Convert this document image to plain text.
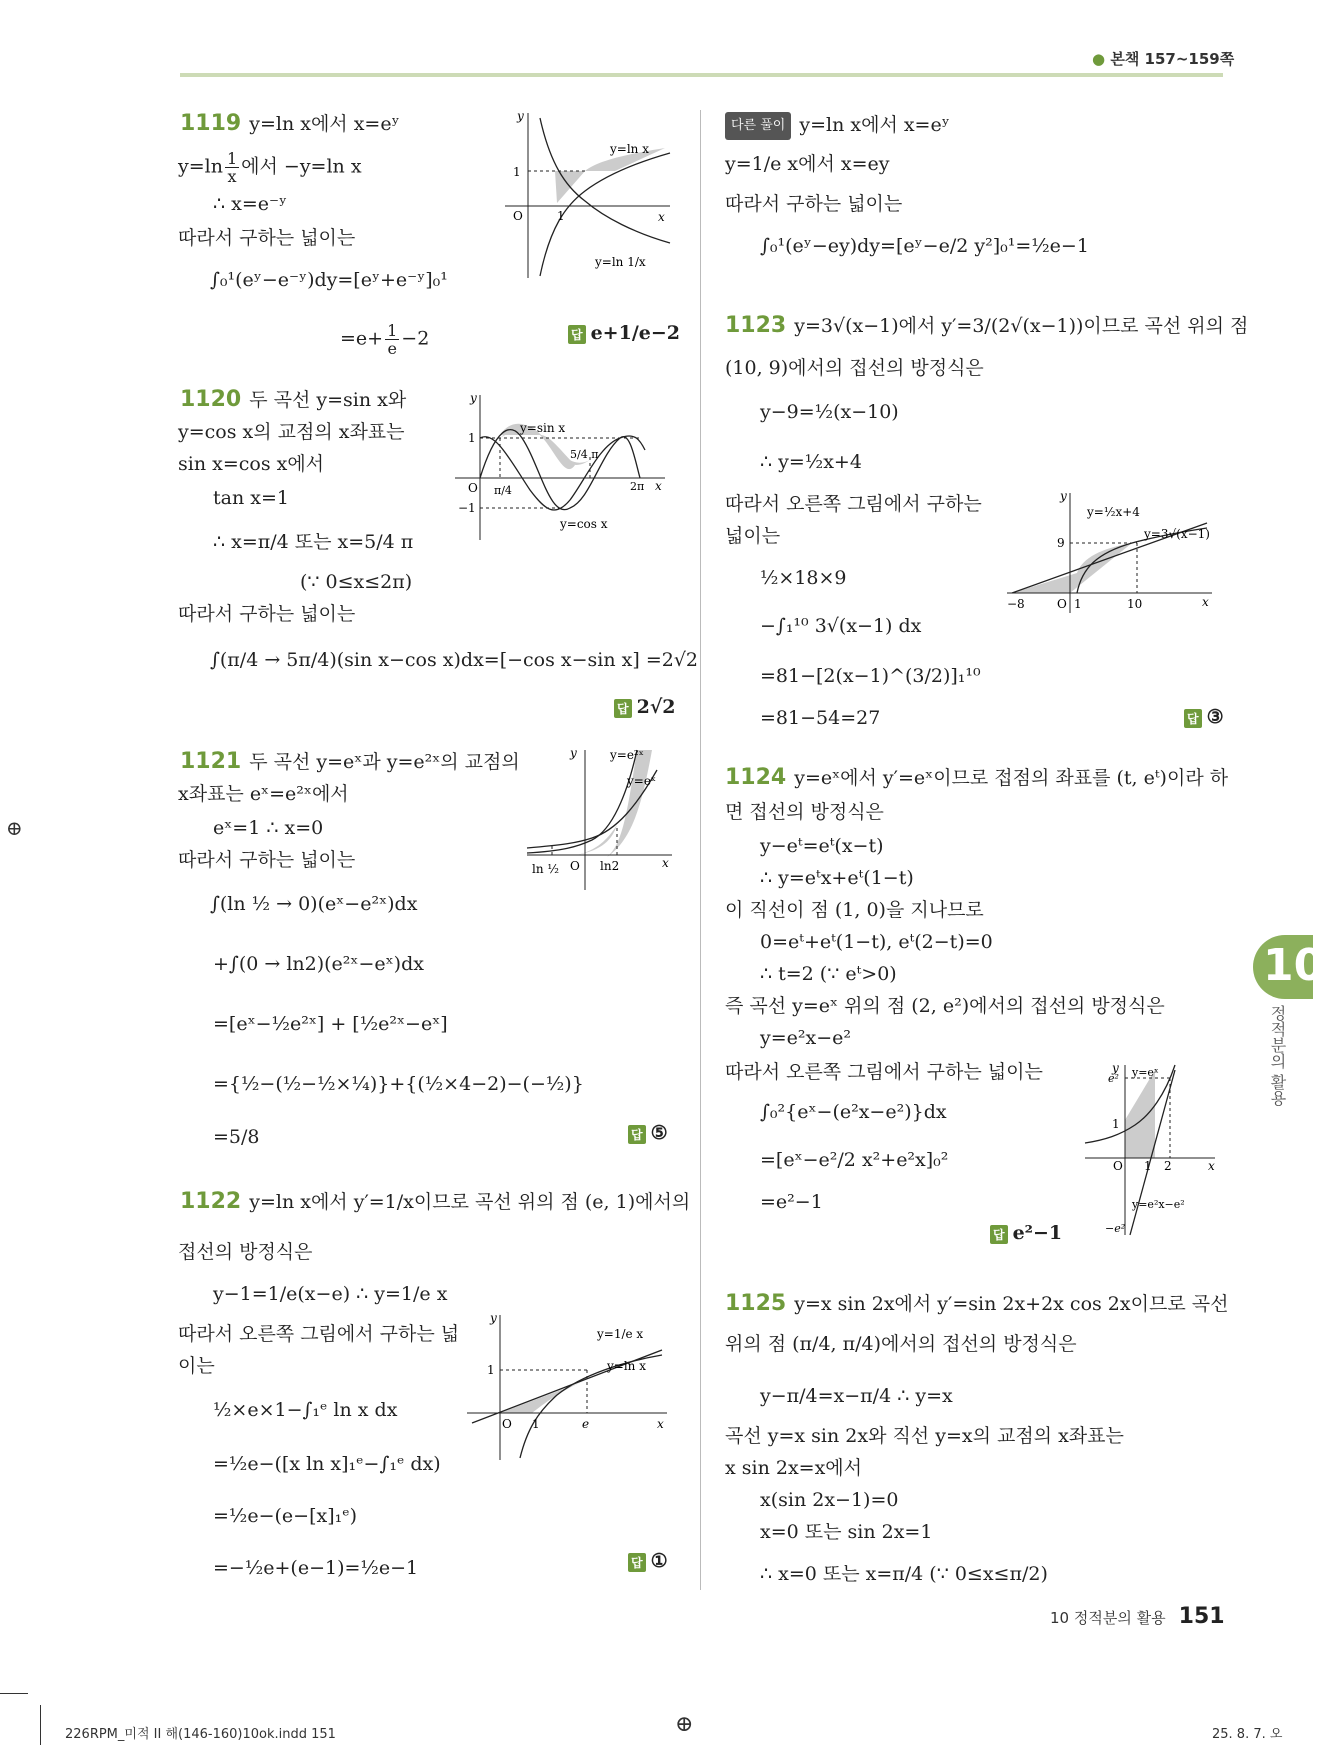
● 본책 157~159쪽
1119 y=ln x에서 x=eʸ
$y=\ln \frac{1}{x}$ 에서 −y=ln x
∴ x=e⁻ʸ
따라서 구하는 넓이는
∫₀¹(eʸ−e⁻ʸ)dy=[eʸ+e⁻ʸ]₀¹
$=e+ \frac{1}{e} -2$	답 e+1/e−2
y
x
O
1
1
y=ln x
y=ln 1/x
1120 두 곡선 y=sin x와
y=cos x의 교점의 x좌표는
sin x=cos x에서
tan x=1
∴ x=π/4 또는 x=5/4 π
(∵ 0≤x≤2π)
따라서 구하는 넓이는
∫(π/4 → 5π/4)(sin x−cos x)dx=[−cos x−sin x] =2√2
답 2√2
y
x
O
1
−1
π/4
5/4 π
2π
y=sin x
y=cos x
1121 두 곡선 y=eˣ과 y=e²ˣ의 교점의
x좌표는 eˣ=e²ˣ에서
eˣ=1 ∴ x=0
따라서 구하는 넓이는
∫(ln ½ → 0)(eˣ−e²ˣ)dx
+∫(0 → ln2)(e²ˣ−eˣ)dx
=[eˣ−½e²ˣ] + [½e²ˣ−eˣ]
={½−(½−½×¼)}+{(½×4−2)−(−½)}
=5/8	답 ⑤
y
x
O
ln ½	ln2
y=e²ˣ
y=eˣ
1122 y=ln x에서 y′=1/x이므로 곡선 위의 점 (e, 1)에서의
접선의 방정식은
y−1=1/e(x−e) ∴ y=1/e x
따라서 오른쪽 그림에서 구하는 넓
이는
½×e×1−∫₁ᵉ ln x dx
=½e−([x ln x]₁ᵉ−∫₁ᵉ dx)
=½e−(e−[x]₁ᵉ)
=−½e+(e−1)=½e−1	답 ①
y
x
O
1
1	e
y=1/e x
y=ln x
다른 풀이 y=ln x에서 x=eʸ
y=1/e x에서 x=ey
따라서 구하는 넓이는
∫₀¹(eʸ−ey)dy=[eʸ−e/2 y²]₀¹=½e−1
1123 y=3√(x−1)에서 y′=3/(2√(x−1))이므로 곡선 위의 점
(10, 9)에서의 접선의 방정식은
y−9=½(x−10)
∴ y=½x+4
따라서 오른쪽 그림에서 구하는
넓이는
½×18×9
−∫₁¹⁰ 3√(x−1) dx
=81−[2(x−1)^(3/2)]₁¹⁰
=81−54=27	답 ③
y
x
O
−8	1	10
9
y=½x+4
y=3√(x−1)
1124 y=eˣ에서 y′=eˣ이므로 접점의 좌표를 (t, eᵗ)이라 하
면 접선의 방정식은
y−eᵗ=eᵗ(x−t)
∴ y=eᵗx+eᵗ(1−t)
이 직선이 점 (1, 0)을 지나므로
0=eᵗ+eᵗ(1−t), eᵗ(2−t)=0
∴ t=2 (∵ eᵗ>0)
즉 곡선 y=eˣ 위의 점 (2, e²)에서의 접선의 방정식은
y=e²x−e²
따라서 오른쪽 그림에서 구하는 넓이는
∫₀²{eˣ−(e²x−e²)}dx
=[eˣ−e²/2 x²+e²x]₀²
=e²−1
답 e²−1
y
x
O
e²
1
−e²
1 2
y=eˣ
y=e²x−e²
1125 y=x sin 2x에서 y′=sin 2x+2x cos 2x이므로 곡선
위의 점 (π/4, π/4)에서의 접선의 방정식은
y−π/4=x−π/4 ∴ y=x
곡선 y=x sin 2x와 직선 y=x의 교점의 x좌표는
x sin 2x=x에서
x(sin 2x−1)=0
x=0 또는 sin 2x=1
∴ x=0 또는 x=π/4 (∵ 0≤x≤π/2)
10
정적분의 활용
10 정적분의 활용 151
⊕
⊕
226RPM_미적 II 해(146-160)10ok.indd 151	25. 8. 7. 오
